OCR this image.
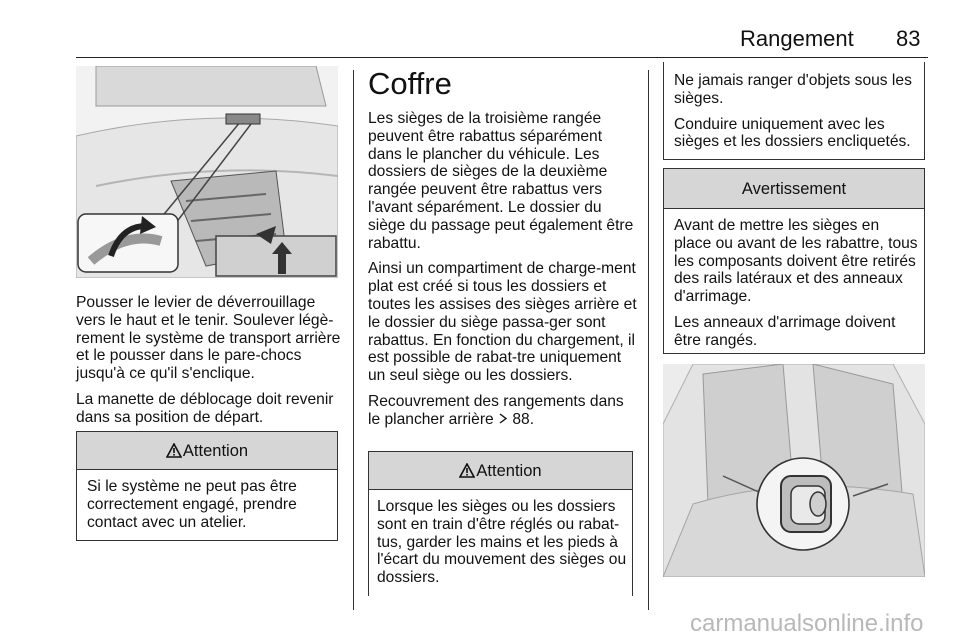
Rangement 83

Pousser le levier de déverrouillage vers le haut et le tenir. Soulever légè-rement le système de transport arrière et le pousser dans le pare-chocs jusqu'à ce qu'il s'enclique.

La manette de déblocage doit revenir dans sa position de départ.

Attention

Si le système ne peut pas être correctement engagé, prendre contact avec un atelier.

Coffre

Les sièges de la troisième rangée peuvent être rabattus séparément dans le plancher du véhicule. Les dossiers de sièges de la deuxième rangée peuvent être rabattus vers l'avant séparément. Le dossier du siège du passage peut également être rabattu.

Ainsi un compartiment de charge-ment plat est créé si tous les dossiers et toutes les assises des sièges arrière et le dossier du siège passa-ger sont rabattus. En fonction du chargement, il est possible de rabat-tre uniquement un seul siège ou les dossiers.

Recouvrement des rangements dans le plancher arrière 88.

Attention

Lorsque les sièges ou les dossiers sont en train d'être réglés ou rabat-tus, garder les mains et les pieds à l'écart du mouvement des sièges ou dossiers.

Ne jamais ranger d'objets sous les sièges.

Conduire uniquement avec les sièges et les dossiers encliquetés.

Avertissement

Avant de mettre les sièges en place ou avant de les rabattre, tous les composants doivent être retirés des rails latéraux et des anneaux d'arrimage.

Les anneaux d'arrimage doivent être rangés.

carmanualsonline.info
